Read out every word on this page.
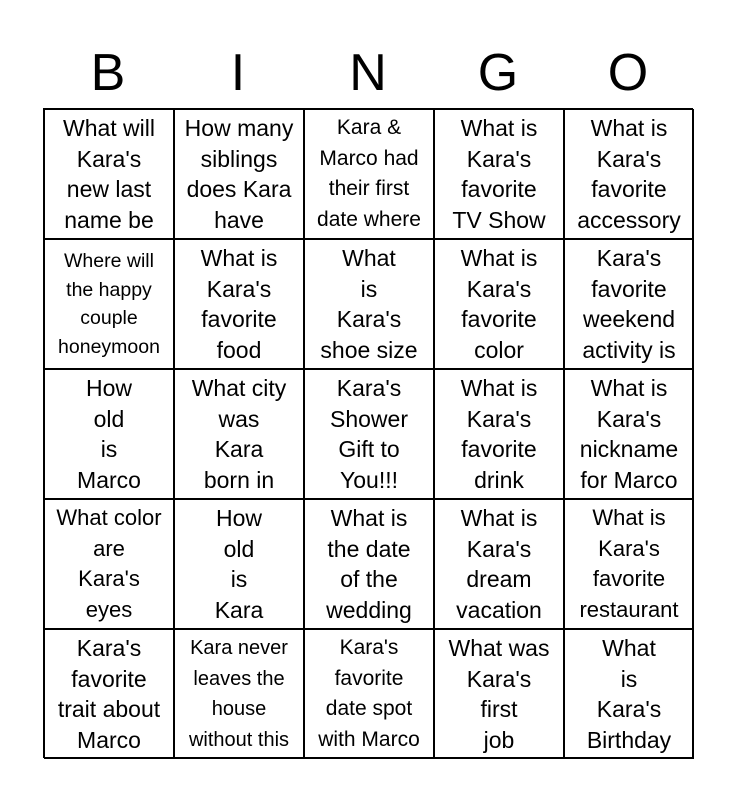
B	I	N	G	O
What will
Kara's
new last
name be
How many
siblings
does Kara
have
Kara &
Marco had
their first
date where
What is
Kara's
favorite
TV Show
What is
Kara's
favorite
accessory
Where will
the happy
couple
honeymoon
What is
Kara's
favorite
food
What
is
Kara's
shoe size
What is
Kara's
favorite
color
Kara's
favorite
weekend
activity is
How
old
is
Marco
What city
was
Kara
born in
Kara's
Shower
Gift to
You!!!
What is
Kara's
favorite
drink
What is
Kara's
nickname
for Marco
What color
are
Kara's
eyes
How
old
is
Kara
What is
the date
of the
wedding
What is
Kara's
dream
vacation
What is
Kara's
favorite
restaurant
Kara's
favorite
trait about
Marco
Kara never
leaves the
house
without this
Kara's
favorite
date spot
with Marco
What was
Kara's
first
job
What
is
Kara's
Birthday
